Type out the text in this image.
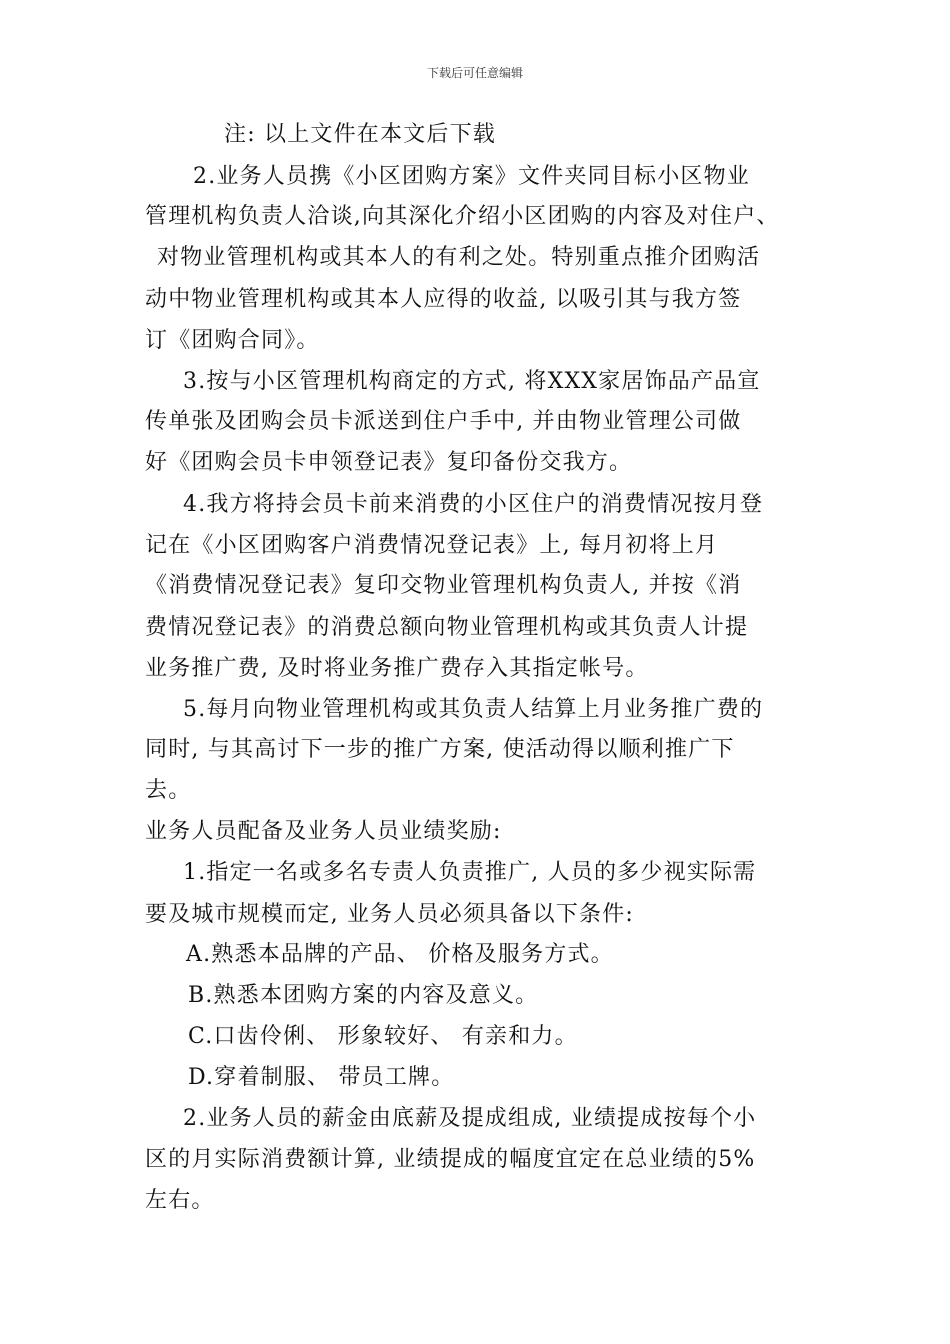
下载后可任意编辑
注: 以上文件在本文后下载
2.业务人员携《小区团购方案》文件夹同目标小区物业
管理机构负责人洽谈,向其深化介绍小区团购的内容及对住户、
对物业管理机构或其本人的有利之处。特别重点推介团购活
动中物业管理机构或其本人应得的收益, 以吸引其与我方签
订《团购合同》。
3.按与小区管理机构商定的方式, 将XXX家居饰品产品宣
传单张及团购会员卡派送到住户手中, 并由物业管理公司做
好《团购会员卡申领登记表》复印备份交我方。
4.我方将持会员卡前来消费的小区住户的消费情况按月登
记在《小区团购客户消费情况登记表》上, 每月初将上月
《消费情况登记表》复印交物业管理机构负责人, 并按《消
费情况登记表》的消费总额向物业管理机构或其负责人计提
业务推广费, 及时将业务推广费存入其指定帐号。
5.每月向物业管理机构或其负责人结算上月业务推广费的
同时, 与其高讨下一步的推广方案, 使活动得以顺利推广下
去。
业务人员配备及业务人员业绩奖励:
1.指定一名或多名专责人负责推广, 人员的多少视实际需
要及城市规模而定, 业务人员必须具备以下条件:
A.熟悉本品牌的产品、 价格及服务方式。
B.熟悉本团购方案的内容及意义。
C.口齿伶俐、 形象较好、 有亲和力。
D.穿着制服、 带员工牌。
2.业务人员的薪金由底薪及提成组成, 业绩提成按每个小
区的月实际消费额计算, 业绩提成的幅度宜定在总业绩的5%
左右。
